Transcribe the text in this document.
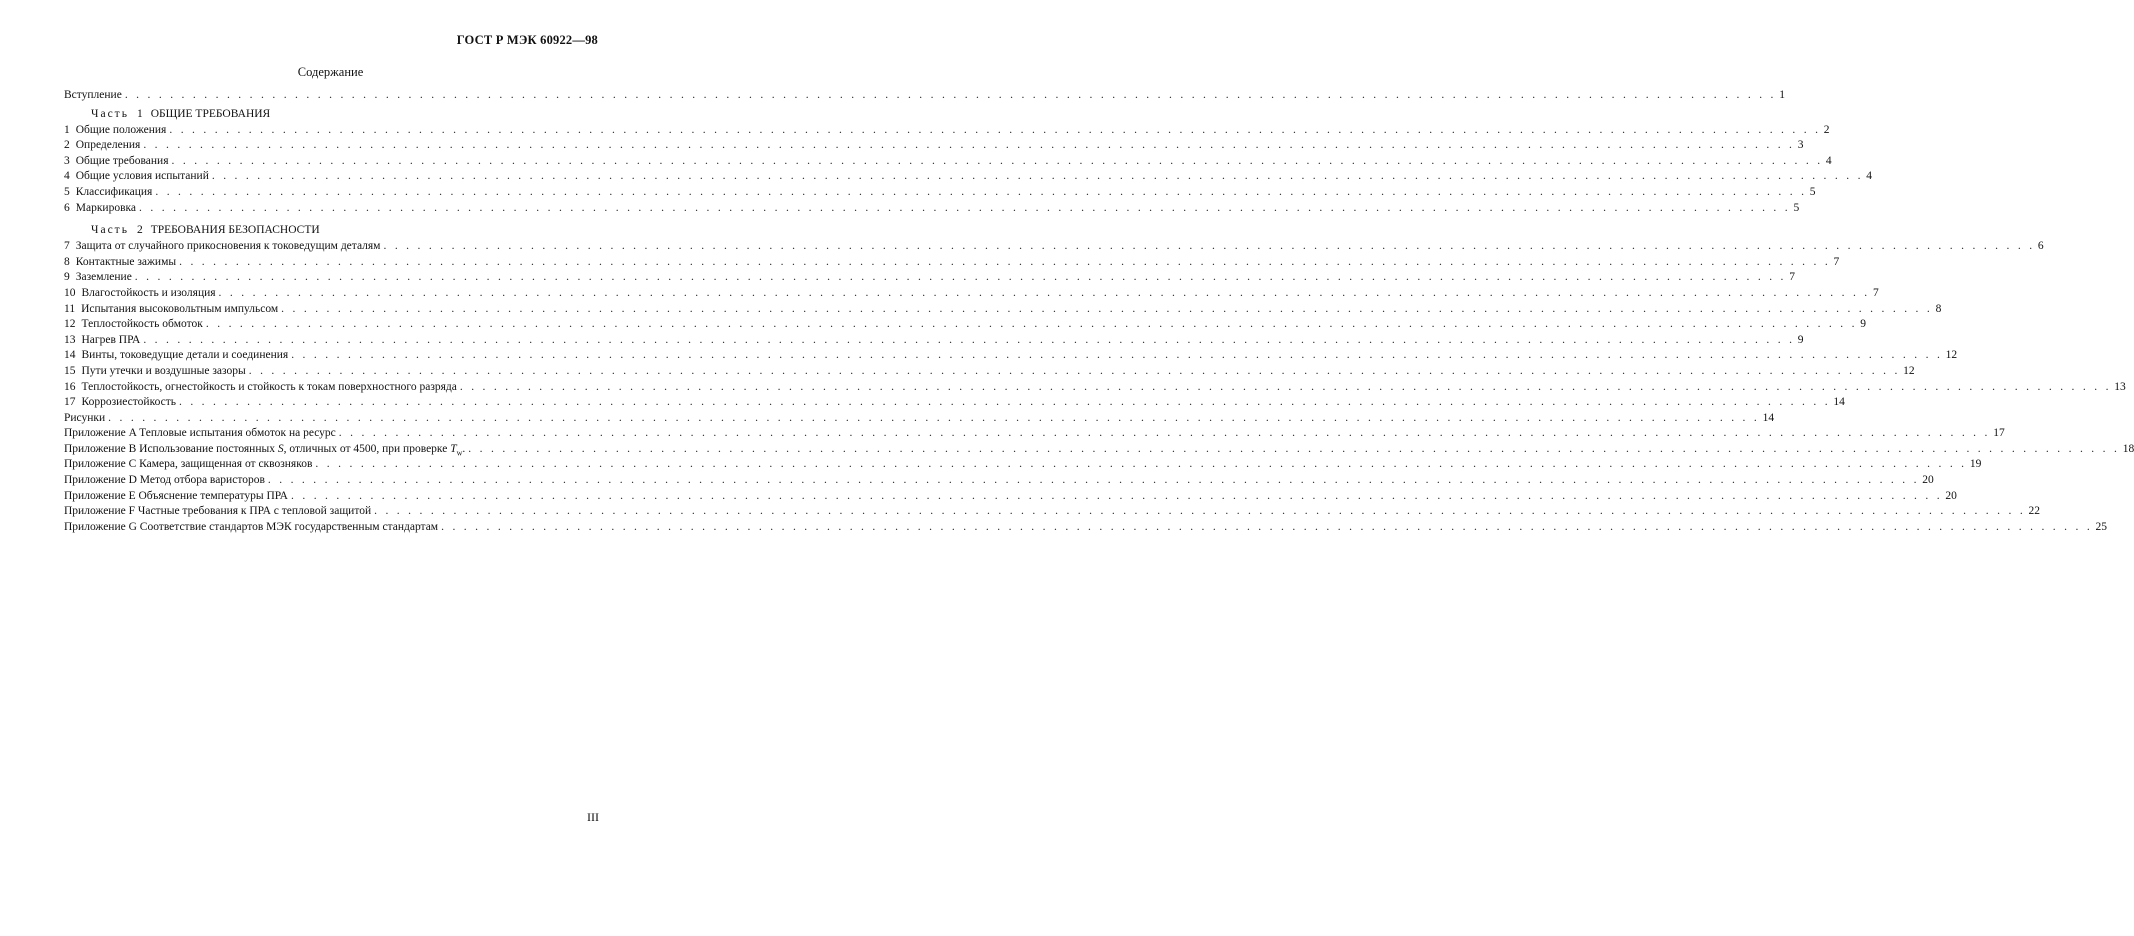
ГОСТ Р МЭК 60922—98
Содержание
Вступление . . .	1
Часть 1 ОБЩИЕ ТРЕБОВАНИЯ
1 Общие положения . . .	2
2 Определения . . .	3
3 Общие требования . . .	4
4 Общие условия испытаний . . .	4
5 Классификация . . .	5
6 Маркировка . . .	5
Часть 2 ТРЕБОВАНИЯ БЕЗОПАСНОСТИ
7 Защита от случайного прикосновения к токоведущим деталям . . .	6
8 Контактные зажимы . . .	7
9 Заземление . . .	7
10 Влагостойкость и изоляция . . .	7
11 Испытания высоковольтным импульсом . . .	8
12 Теплостойкость обмоток . . .	9
13 Нагрев ПРА . . .	9
14 Винты, токоведущие детали и соединения . . .	12
15 Пути утечки и воздушные зазоры . . .	12
16 Теплостойкость, огнестойкость и стойкость к токам поверхностного разряда . . .	13
17 Коррозиестойкость . . .	14
Рисунки . . .	14
Приложение A Тепловые испытания обмоток на ресурс . . .	17
Приложение B Использование постоянных S, отличных от 4500, при проверке $T_w$. . . .	18
Приложение C Камера, защищенная от сквозняков . . .	19
Приложение D Метод отбора варисторов . . .	20
Приложение E Объяснение температуры ПРА . . .	20
Приложение F Частные требования к ПРА с тепловой защитой . . .	22
Приложение G Соответствие стандартов МЭК государственным стандартам . . .	25
III
